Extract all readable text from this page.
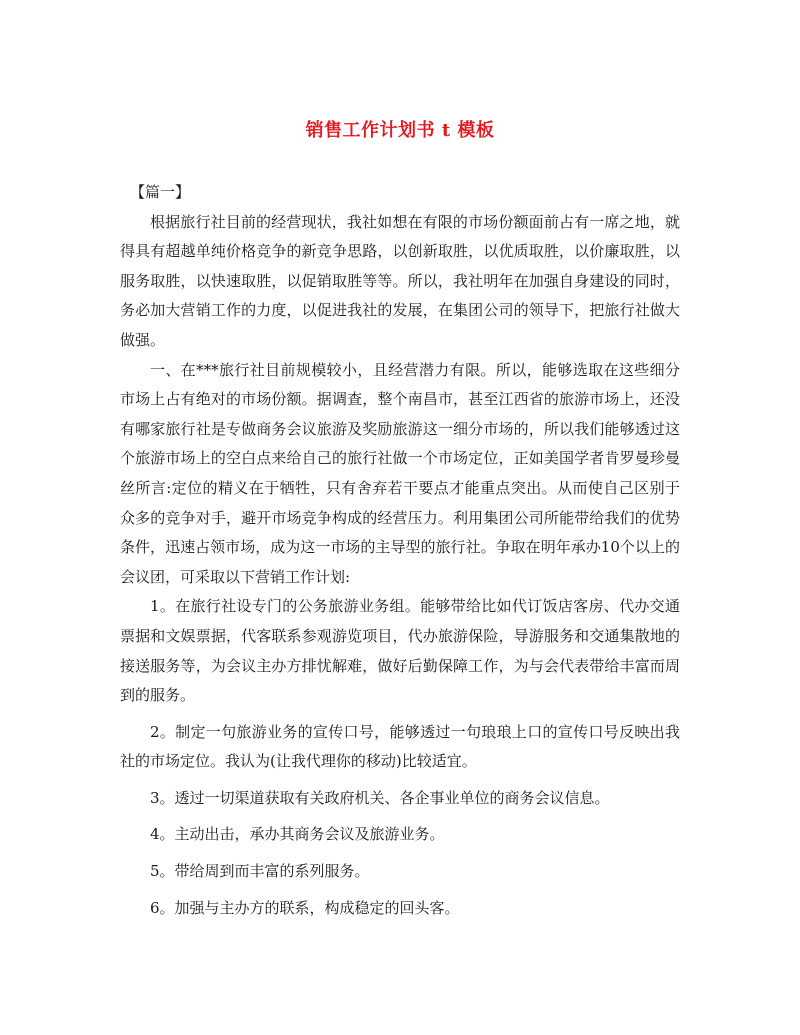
销售工作计划书 t 模板

【篇一】

根据旅行社目前的经营现状，我社如想在有限的市场份额面前占有一席之地，就得具有超越单纯价格竞争的新竞争思路，以创新取胜，以优质取胜，以价廉取胜，以服务取胜，以快速取胜，以促销取胜等等。所以，我社明年在加强自身建设的同时，务必加大营销工作的力度，以促进我社的发展，在集团公司的领导下，把旅行社做大做强。

一、在***旅行社目前规模较小，且经营潜力有限。所以，能够选取在这些细分市场上占有绝对的市场份额。据调查，整个南昌市，甚至江西省的旅游市场上，还没有哪家旅行社是专做商务会议旅游及奖励旅游这一细分市场的，所以我们能够透过这个旅游市场上的空白点来给自己的旅行社做一个市场定位，正如美国学者肯罗曼珍曼丝所言:定位的精义在于牺牲，只有舍弃若干要点才能重点突出。从而使自己区别于众多的竞争对手，避开市场竞争构成的经营压力。利用集团公司所能带给我们的优势条件，迅速占领市场，成为这一市场的主导型的旅行社。争取在明年承办10个以上的会议团，可采取以下营销工作计划:

1。在旅行社设专门的公务旅游业务组。能够带给比如代订饭店客房、代办交通票据和文娱票据，代客联系参观游览项目，代办旅游保险，导游服务和交通集散地的接送服务等，为会议主办方排忧解难，做好后勤保障工作，为与会代表带给丰富而周到的服务。

2。制定一句旅游业务的宣传口号，能够透过一句琅琅上口的宣传口号反映出我社的市场定位。我认为(让我代理你的移动)比较适宜。

3。透过一切渠道获取有关政府机关、各企事业单位的商务会议信息。

4。主动出击，承办其商务会议及旅游业务。

5。带给周到而丰富的系列服务。

6。加强与主办方的联系，构成稳定的回头客。
